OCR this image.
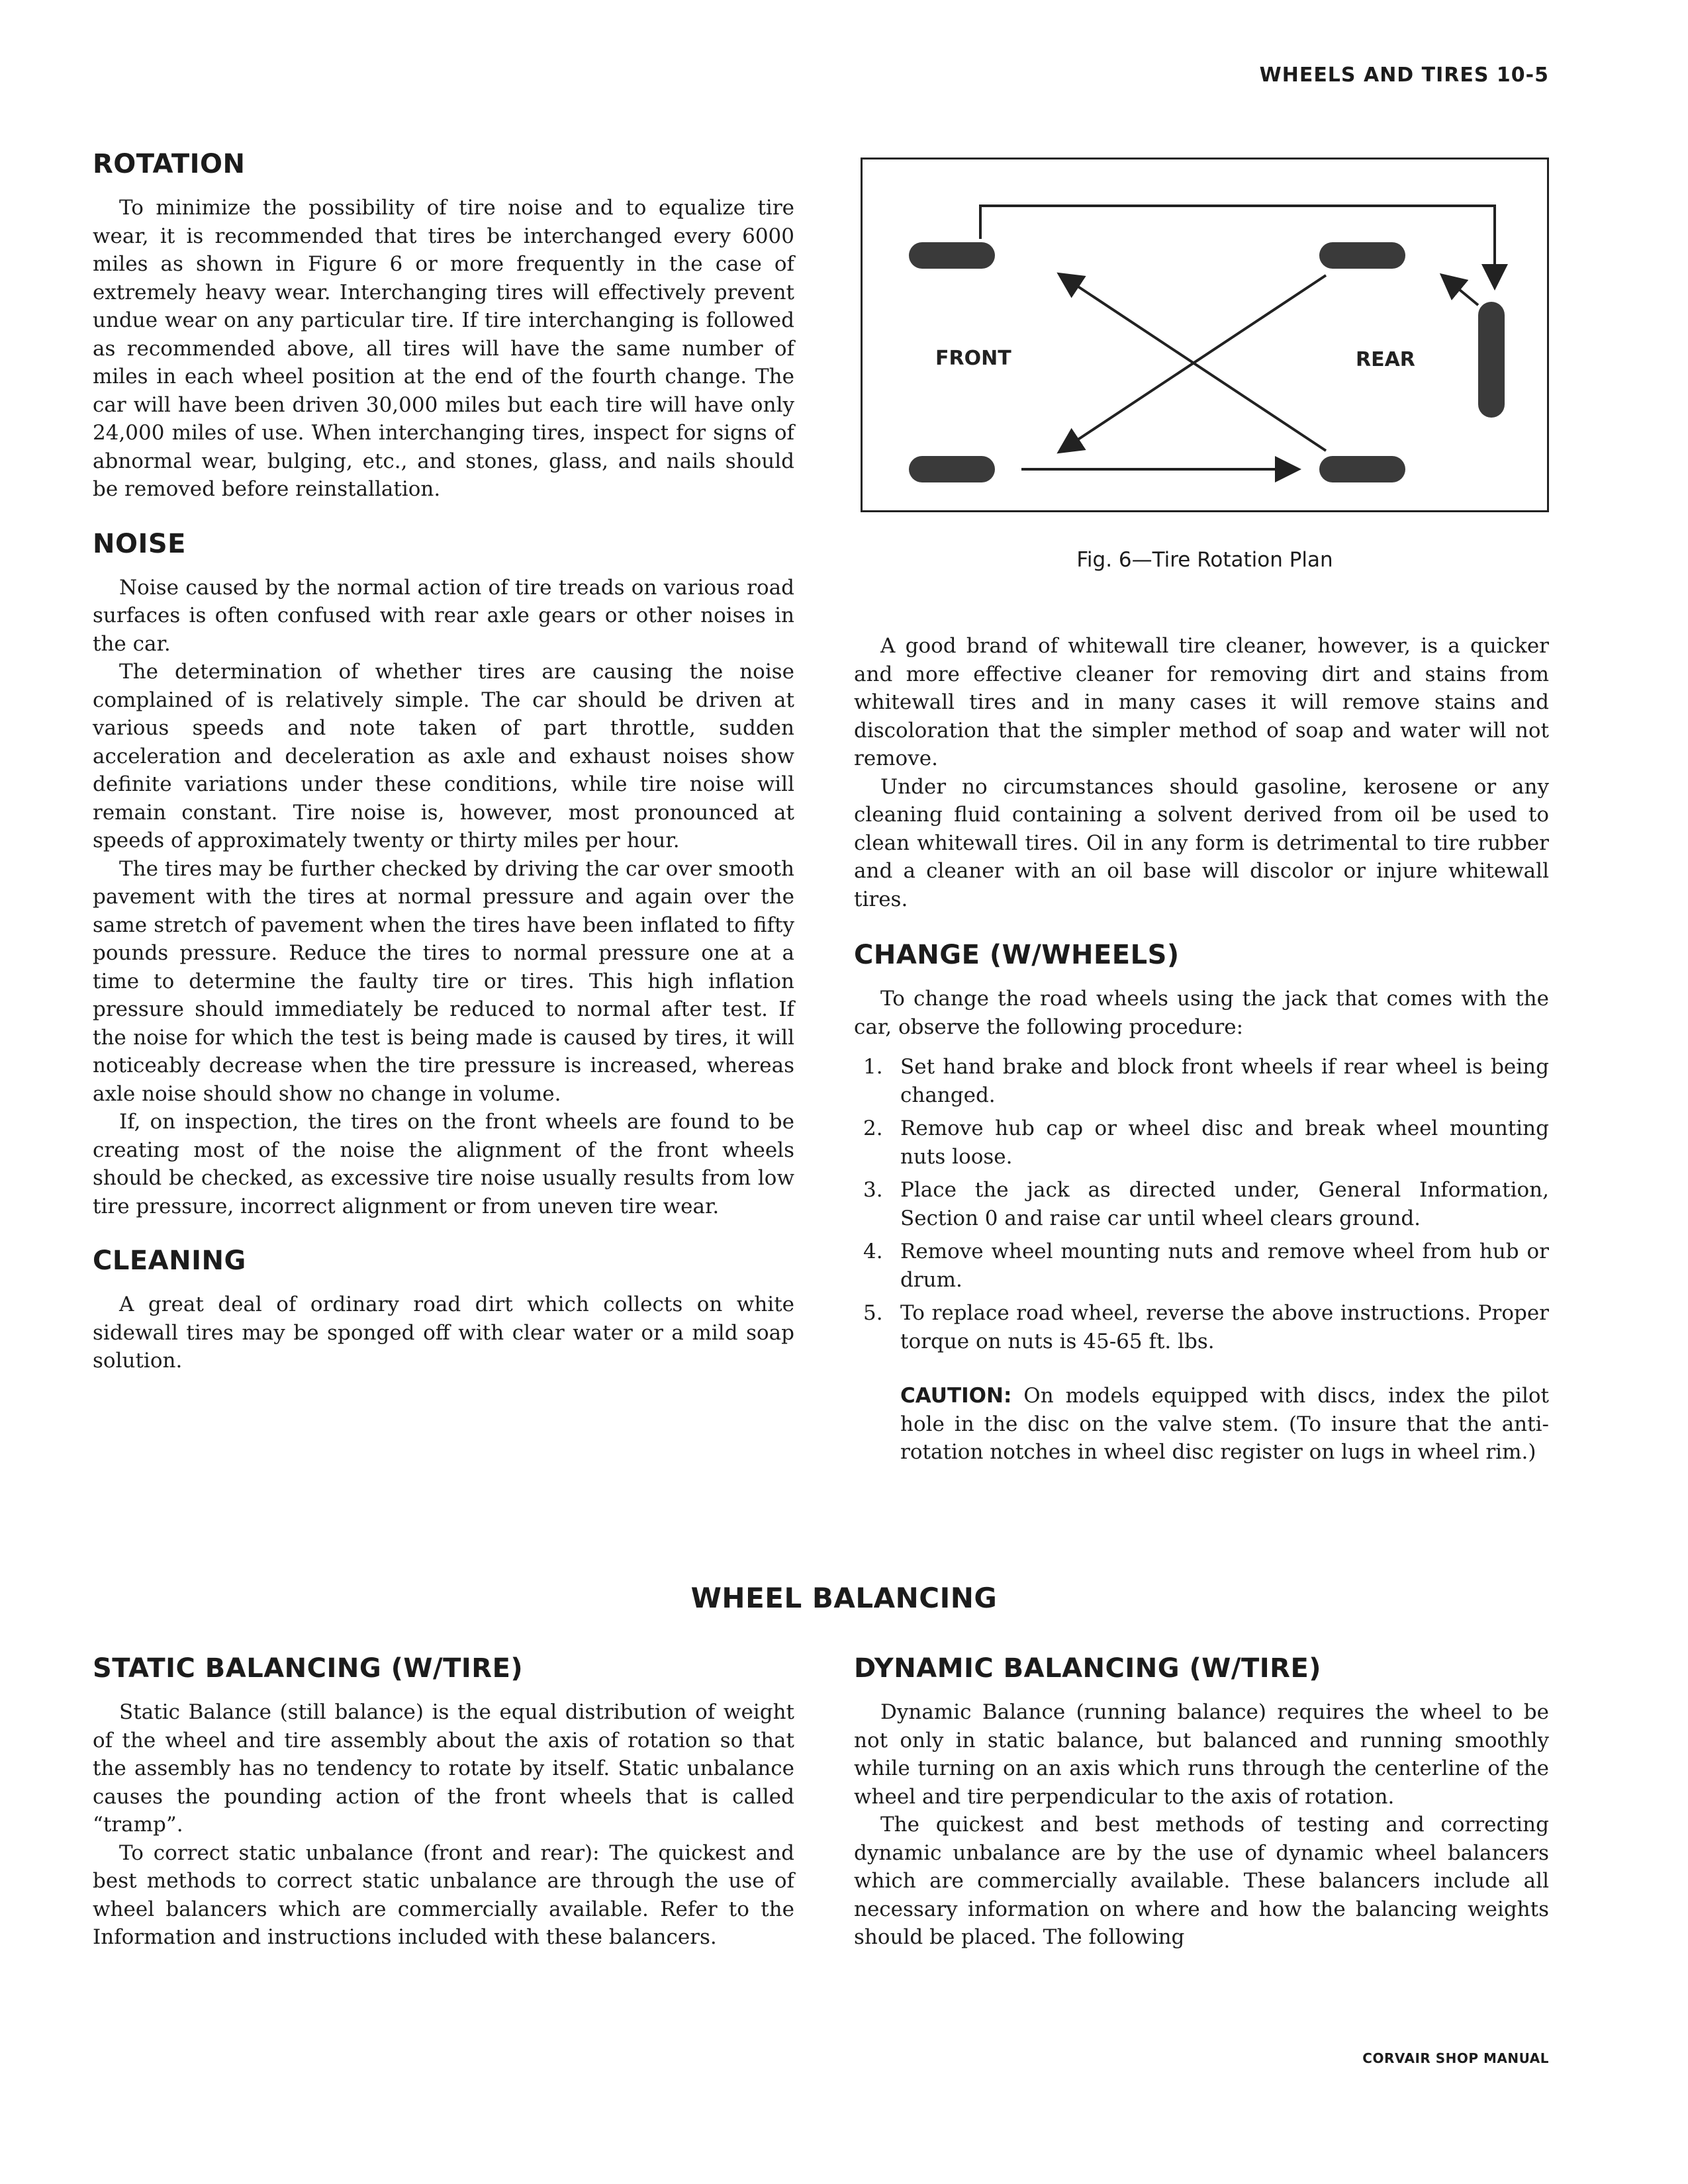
WHEELS AND TIRES 10-5
ROTATION

To minimize the possibility of tire noise and to equalize tire wear, it is recommended that tires be interchanged every 6000 miles as shown in Figure 6 or more frequently in the case of extremely heavy wear. Interchanging tires will effectively prevent undue wear on any particular tire. If tire interchanging is followed as recommended above, all tires will have the same number of miles in each wheel position at the end of the fourth change. The car will have been driven 30,000 miles but each tire will have only 24,000 miles of use. When interchanging tires, inspect for signs of abnormal wear, bulging, etc., and stones, glass, and nails should be removed before reinstallation.

NOISE

Noise caused by the normal action of tire treads on various road surfaces is often confused with rear axle gears or other noises in the car.

The determination of whether tires are causing the noise complained of is relatively simple. The car should be driven at various speeds and note taken of part throttle, sudden acceleration and deceleration as axle and exhaust noises show definite variations under these conditions, while tire noise will remain constant. Tire noise is, however, most pronounced at speeds of approximately twenty or thirty miles per hour.

The tires may be further checked by driving the car over smooth pavement with the tires at normal pressure and again over the same stretch of pavement when the tires have been inflated to fifty pounds pressure. Reduce the tires to normal pressure one at a time to determine the faulty tire or tires. This high inflation pressure should immediately be reduced to normal after test. If the noise for which the test is being made is caused by tires, it will noticeably decrease when the tire pressure is increased, whereas axle noise should show no change in volume.

If, on inspection, the tires on the front wheels are found to be creating most of the noise the alignment of the front wheels should be checked, as excessive tire noise usually results from low tire pressure, incorrect alignment or from uneven tire wear.

CLEANING

A great deal of ordinary road dirt which collects on white sidewall tires may be sponged off with clear water or a mild soap solution.

FRONT	REAR
Fig. 6—Tire Rotation Plan

A good brand of whitewall tire cleaner, however, is a quicker and more effective cleaner for removing dirt and stains from whitewall tires and in many cases it will remove stains and discoloration that the simpler method of soap and water will not remove.

Under no circumstances should gasoline, kerosene or any cleaning fluid containing a solvent derived from oil be used to clean whitewall tires. Oil in any form is detrimental to tire rubber and a cleaner with an oil base will discolor or injure whitewall tires.

CHANGE (W/WHEELS)

To change the road wheels using the jack that comes with the car, observe the following procedure:

1. Set hand brake and block front wheels if rear wheel is being changed.
2. Remove hub cap or wheel disc and break wheel mounting nuts loose.
3. Place the jack as directed under, General Information, Section 0 and raise car until wheel clears ground.
4. Remove wheel mounting nuts and remove wheel from hub or drum.
5. To replace road wheel, reverse the above instructions. Proper torque on nuts is 45-65 ft. lbs.
CAUTION: On models equipped with discs, index the pilot hole in the disc on the valve stem. (To insure that the anti-rotation notches in wheel disc register on lugs in wheel rim.)
WHEEL BALANCING
STATIC BALANCING (W/TIRE)

Static Balance (still balance) is the equal distribution of weight of the wheel and tire assembly about the axis of rotation so that the assembly has no tendency to rotate by itself. Static unbalance causes the pounding action of the front wheels that is called “tramp”.

To correct static unbalance (front and rear): The quickest and best methods to correct static unbalance are through the use of wheel balancers which are commercially available. Refer to the Information and instructions included with these balancers.

DYNAMIC BALANCING (W/TIRE)

Dynamic Balance (running balance) requires the wheel to be not only in static balance, but balanced and running smoothly while turning on an axis which runs through the centerline of the wheel and tire perpendicular to the axis of rotation.

The quickest and best methods of testing and correcting dynamic unbalance are by the use of dynamic wheel balancers which are commercially available. These balancers include all necessary information on where and how the balancing weights should be placed. The following

CORVAIR SHOP MANUAL
